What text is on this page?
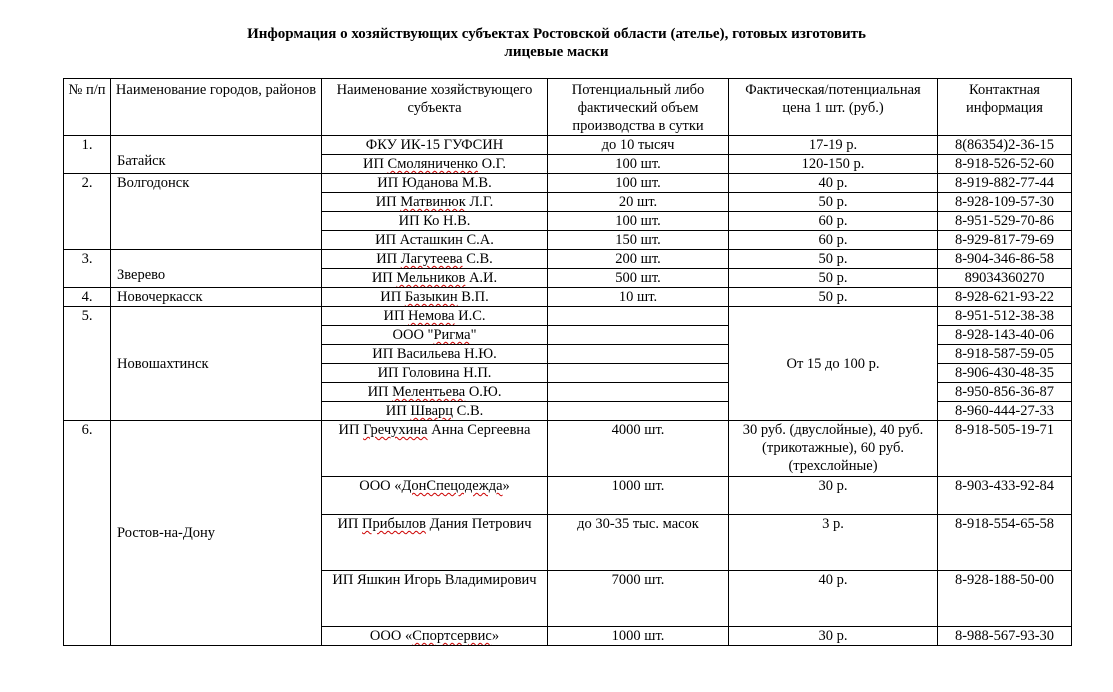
Информация о хозяйствующих субъектах Ростовской области (ателье), готовых изготовить
лицевые маски
№ п/п	Наименование городов, районов	Наименование хозяйствующего субъекта	Потенциальный либо фактический объем производства в сутки	Фактическая/потенциальная цена 1 шт. (руб.)	Контактная информация
1.	Батайск	ФКУ ИК-15 ГУФСИН	до 10 тысяч	17-19 р.	8(86354)2-36-15
		ИП Смоляниченко О.Г.	100 шт.	120-150 р.	8-918-526-52-60
2.	Волгодонск	ИП Юданова М.В.	100 шт.	40 р.	8-919-882-77-44
		ИП Матвинюк Л.Г.	20 шт.	50 р.	8-928-109-57-30
		ИП Ко Н.В.	100 шт.	60 р.	8-951-529-70-86
		ИП Асташкин С.А.	150 шт.	60 р.	8-929-817-79-69
3.	Зверево	ИП Лагутеева С.В.	200 шт.	50 р.	8-904-346-86-58
		ИП Мельников А.И.	500 шт.	50 р.	89034360270
4.	Новочеркасск	ИП Базыкин В.П.	10 шт.	50 р.	8-928-621-93-22
5.	Новошахтинск	ИП Немова И.С.		От 15 до 100 р.	8-951-512-38-38
		ООО "Ригма"			8-928-143-40-06
		ИП Васильева Н.Ю.			8-918-587-59-05
		ИП Головина Н.П.			8-906-430-48-35
		ИП Мелентьева О.Ю.			8-950-856-36-87
		ИП Шварц С.В.			8-960-444-27-33
6.	Ростов-на-Дону	ИП Гречухина Анна Сергеевна	4000 шт.	30 руб. (двуслойные), 40 руб. (трикотажные), 60 руб. (трехслойные)	8-918-505-19-71
		ООО «ДонСпецодежда»	1000 шт.	30 р.	8-903-433-92-84
		ИП Прибылов Дания Петрович	до 30-35 тыс. масок	3 р.	8-918-554-65-58
		ИП Яшкин Игорь Владимирович	7000 шт.	40 р.	8-928-188-50-00
		ООО «Спортсервис»	1000 шт.	30 р.	8-988-567-93-30
